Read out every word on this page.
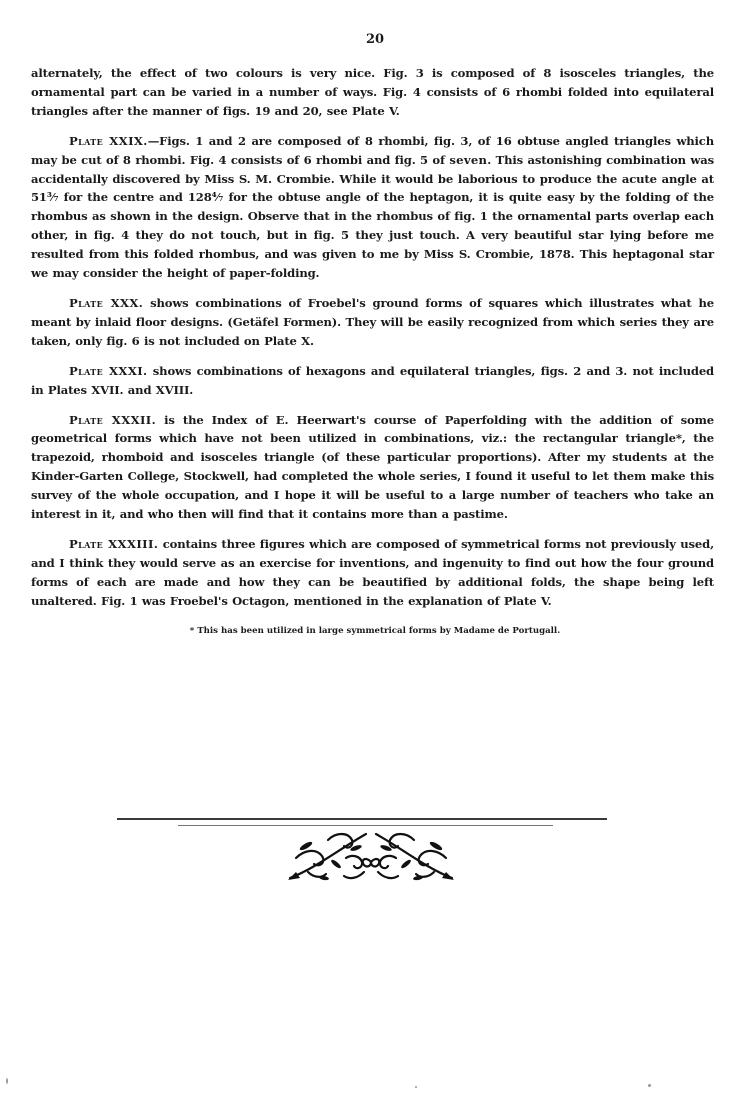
20

alternately, the effect of two colours is very nice. Fig. 3 is composed of 8 isosceles triangles, the ornamental part can be varied in a number of ways. Fig. 4 consists of 6 rhombi folded into equilateral triangles after the manner of figs. 19 and 20, see Plate V.

Plate XXIX.—Figs. 1 and 2 are composed of 8 rhombi, fig. 3, of 16 obtuse angled triangles which may be cut of 8 rhombi. Fig. 4 consists of 6 rhombi and fig. 5 of seven. This astonishing combination was accidentally discovered by Miss S. M. Crombie. While it would be laborious to produce the acute angle at 51³⁄₇ for the centre and 128⁴⁄₇ for the obtuse angle of the heptagon, it is quite easy by the folding of the rhombus as shown in the design. Observe that in the rhombus of fig. 1 the ornamental parts overlap each other, in fig. 4 they do not touch, but in fig. 5 they just touch. A very beautiful star lying before me resulted from this folded rhombus, and was given to me by Miss S. Crombie, 1878. This heptagonal star we may consider the height of paper-folding.

Plate XXX. shows combinations of Froebel's ground forms of squares which illustrates what he meant by inlaid floor designs. (Getäfel Formen). They will be easily recognized from which series they are taken, only fig. 6 is not included on Plate X.

Plate XXXI. shows combinations of hexagons and equilateral triangles, figs. 2 and 3. not included in Plates XVII. and XVIII.

Plate XXXII. is the Index of E. Heerwart's course of Paperfolding with the addition of some geometrical forms which have not been utilized in combinations, viz.: the rectangular triangle*, the trapezoid, rhomboid and isosceles triangle (of these particular proportions). After my students at the Kinder-Garten College, Stockwell, had completed the whole series, I found it useful to let them make this survey of the whole occupation, and I hope it will be useful to a large number of teachers who take an interest in it, and who then will find that it contains more than a pastime.

Plate XXXIII. contains three figures which are composed of symmetrical forms not previously used, and I think they would serve as an exercise for inventions, and ingenuity to find out how the four ground forms of each are made and how they can be beautified by additional folds, the shape being left unaltered. Fig. 1 was Froebel's Octagon, mentioned in the explanation of Plate V.

* This has been utilized in large symmetrical forms by Madame de Portugall.
